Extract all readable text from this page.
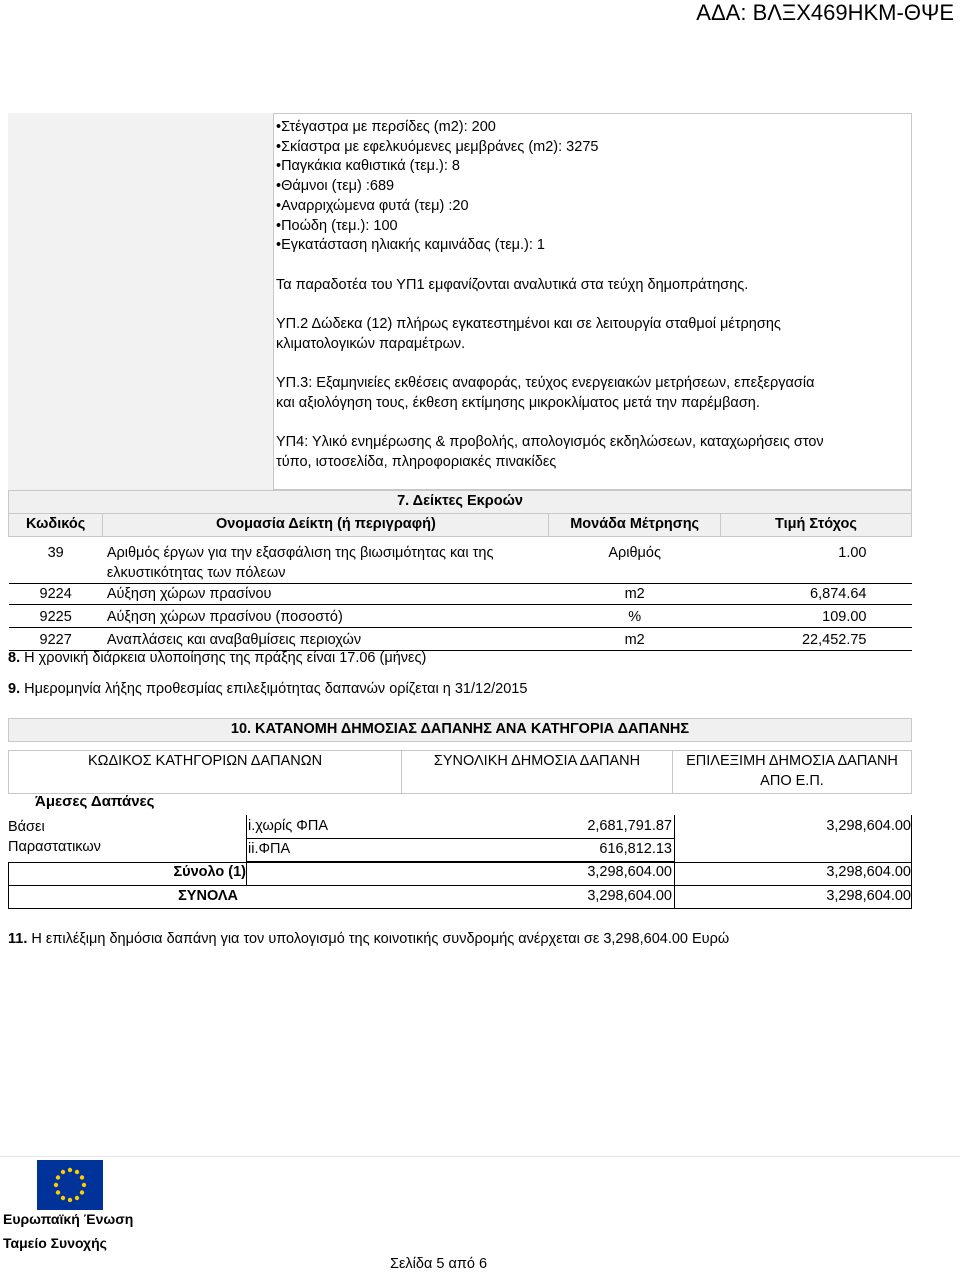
ΑΔΑ: ΒΛΞΧ469ΗΚΜ-ΘΨΕ
•Στέγαστρα με περσίδες (m2): 200
•Σκίαστρα με εφελκυόμενες μεμβράνες (m2): 3275
•Παγκάκια καθιστικά (τεμ.): 8
•Θάμνοι (τεμ) :689
•Αναρριχώμενα φυτά (τεμ) :20
•Ποώδη (τεμ.): 100
•Εγκατάσταση ηλιακής καμινάδας (τεμ.): 1
Τα παραδοτέα του ΥΠ1 εμφανίζονται αναλυτικά στα τεύχη δημοπράτησης.
ΥΠ.2 Δώδεκα (12) πλήρως εγκατεστημένοι και σε λειτουργία σταθμοί μέτρησης
κλιματολογικών παραμέτρων.
ΥΠ.3: Εξαμηνιείες εκθέσεις αναφοράς, τεύχος ενεργειακών μετρήσεων, επεξεργασία
και αξιολόγηση τους, έκθεση εκτίμησης μικροκλίματος μετά την παρέμβαση.
ΥΠ4: Υλικό ενημέρωσης & προβολής, απολογισμός εκδηλώσεων, καταχωρήσεις στον
τύπο, ιστοσελίδα, πληροφοριακές πινακίδες
7. Δείκτες Εκροών			
Κωδικός	Ονομασία Δείκτη (ή περιγραφή)	Μονάδα Μέτρησης	Τιμή Στόχος

39	Αριθμός έργων για την εξασφάλιση της βιωσιμότητας και της
ελκυστικότητας των πόλεων	Αριθμός	1.00
9224	Αύξηση χώρων πρασίνου	m2	6,874.64
9225	Αύξηση χώρων πρασίνου (ποσοστό)	%	109.00
9227	Αναπλάσεις και αναβαθμίσεις περιοχών	m2	22,452.75
8. Η χρονική διάρκεια υλοποίησης της πράξης είναι 17.06 (μήνες)
9. Ημερομηνία λήξης προθεσμίας επιλεξιμότητας δαπανών ορίζεται η 31/12/2015
10. ΚΑΤΑΝΟΜΗ ΔΗΜΟΣΙΑΣ ΔΑΠΑΝΗΣ ΑΝΑ ΚΑΤΗΓΟΡΙΑ ΔΑΠΑΝΗΣ

ΚΩΔΙΚΟΣ ΚΑΤΗΓΟΡΙΩΝ ΔΑΠΑΝΩΝ	ΣΥΝΟΛΙΚΗ ΔΗΜΟΣΙΑ ΔΑΠΑΝΗ	ΕΠΙΛΕΞΙΜΗ ΔΗΜΟΣΙΑ ΔΑΠΑΝΗ
ΑΠΟ Ε.Π.
Άμεσες Δαπάνες
Βάσει
Παραστατικων
i.χωρίς ΦΠΑ	2,681,791.87	3,298,604.00
ii.ΦΠΑ	616,812.13
Σύνολο (1)	3,298,604.00	3,298,604.00
ΣΥΝΟΛΑ	3,298,604.00	3,298,604.00
11. Η επιλέξιμη δημόσια δαπάνη για τον υπολογισμό της κοινοτικής συνδρομής ανέρχεται σε 3,298,604.00 Ευρώ
Ευρωπαϊκή Ένωση
Ταμείο Συνοχής
Σελίδα 5 από 6
